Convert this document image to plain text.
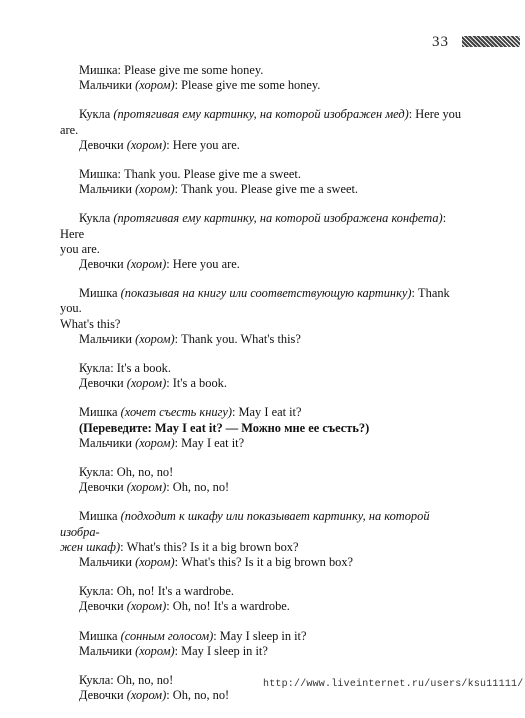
33
Мишка: Please give me some honey.
Мальчики (хором): Please give me some honey.
Кукла (протягивая ему картинку, на которой изображен мед): Here you are.
Девочки (хором): Here you are.
Мишка: Thank you. Please give me a sweet.
Мальчики (хором): Thank you. Please give me a sweet.
Кукла (протягивая ему картинку, на которой изображена конфета): Here
you are.
Девочки (хором): Here you are.
Мишка (показывая на книгу или соответствующую картинку): Thank you.
What's this?
Мальчики (хором): Thank you. What's this?
Кукла: It's a book.
Девочки (хором): It's a book.
Мишка (хочет съесть книгу): May I eat it?
(Переведите: May I eat it? — Можно мне ее съесть?)
Мальчики (хором): May I eat it?
Кукла: Oh, no, no!
Девочки (хором): Oh, no, no!
Мишка (подходит к шкафу или показывает картинку, на которой изобра-
жен шкаф): What's this? Is it a big brown box?
Мальчики (хором): What's this? Is it a big brown box?
Кукла: Oh, no! It's a wardrobe.
Девочки (хором): Oh, no! It's a wardrobe.
Мишка (сонным голосом): May I sleep in it?
Мальчики (хором): May I sleep in it?
Кукла: Oh, no, no!
Девочки (хором): Oh, no, no!
http://www.liveinternet.ru/users/ksu11111/
